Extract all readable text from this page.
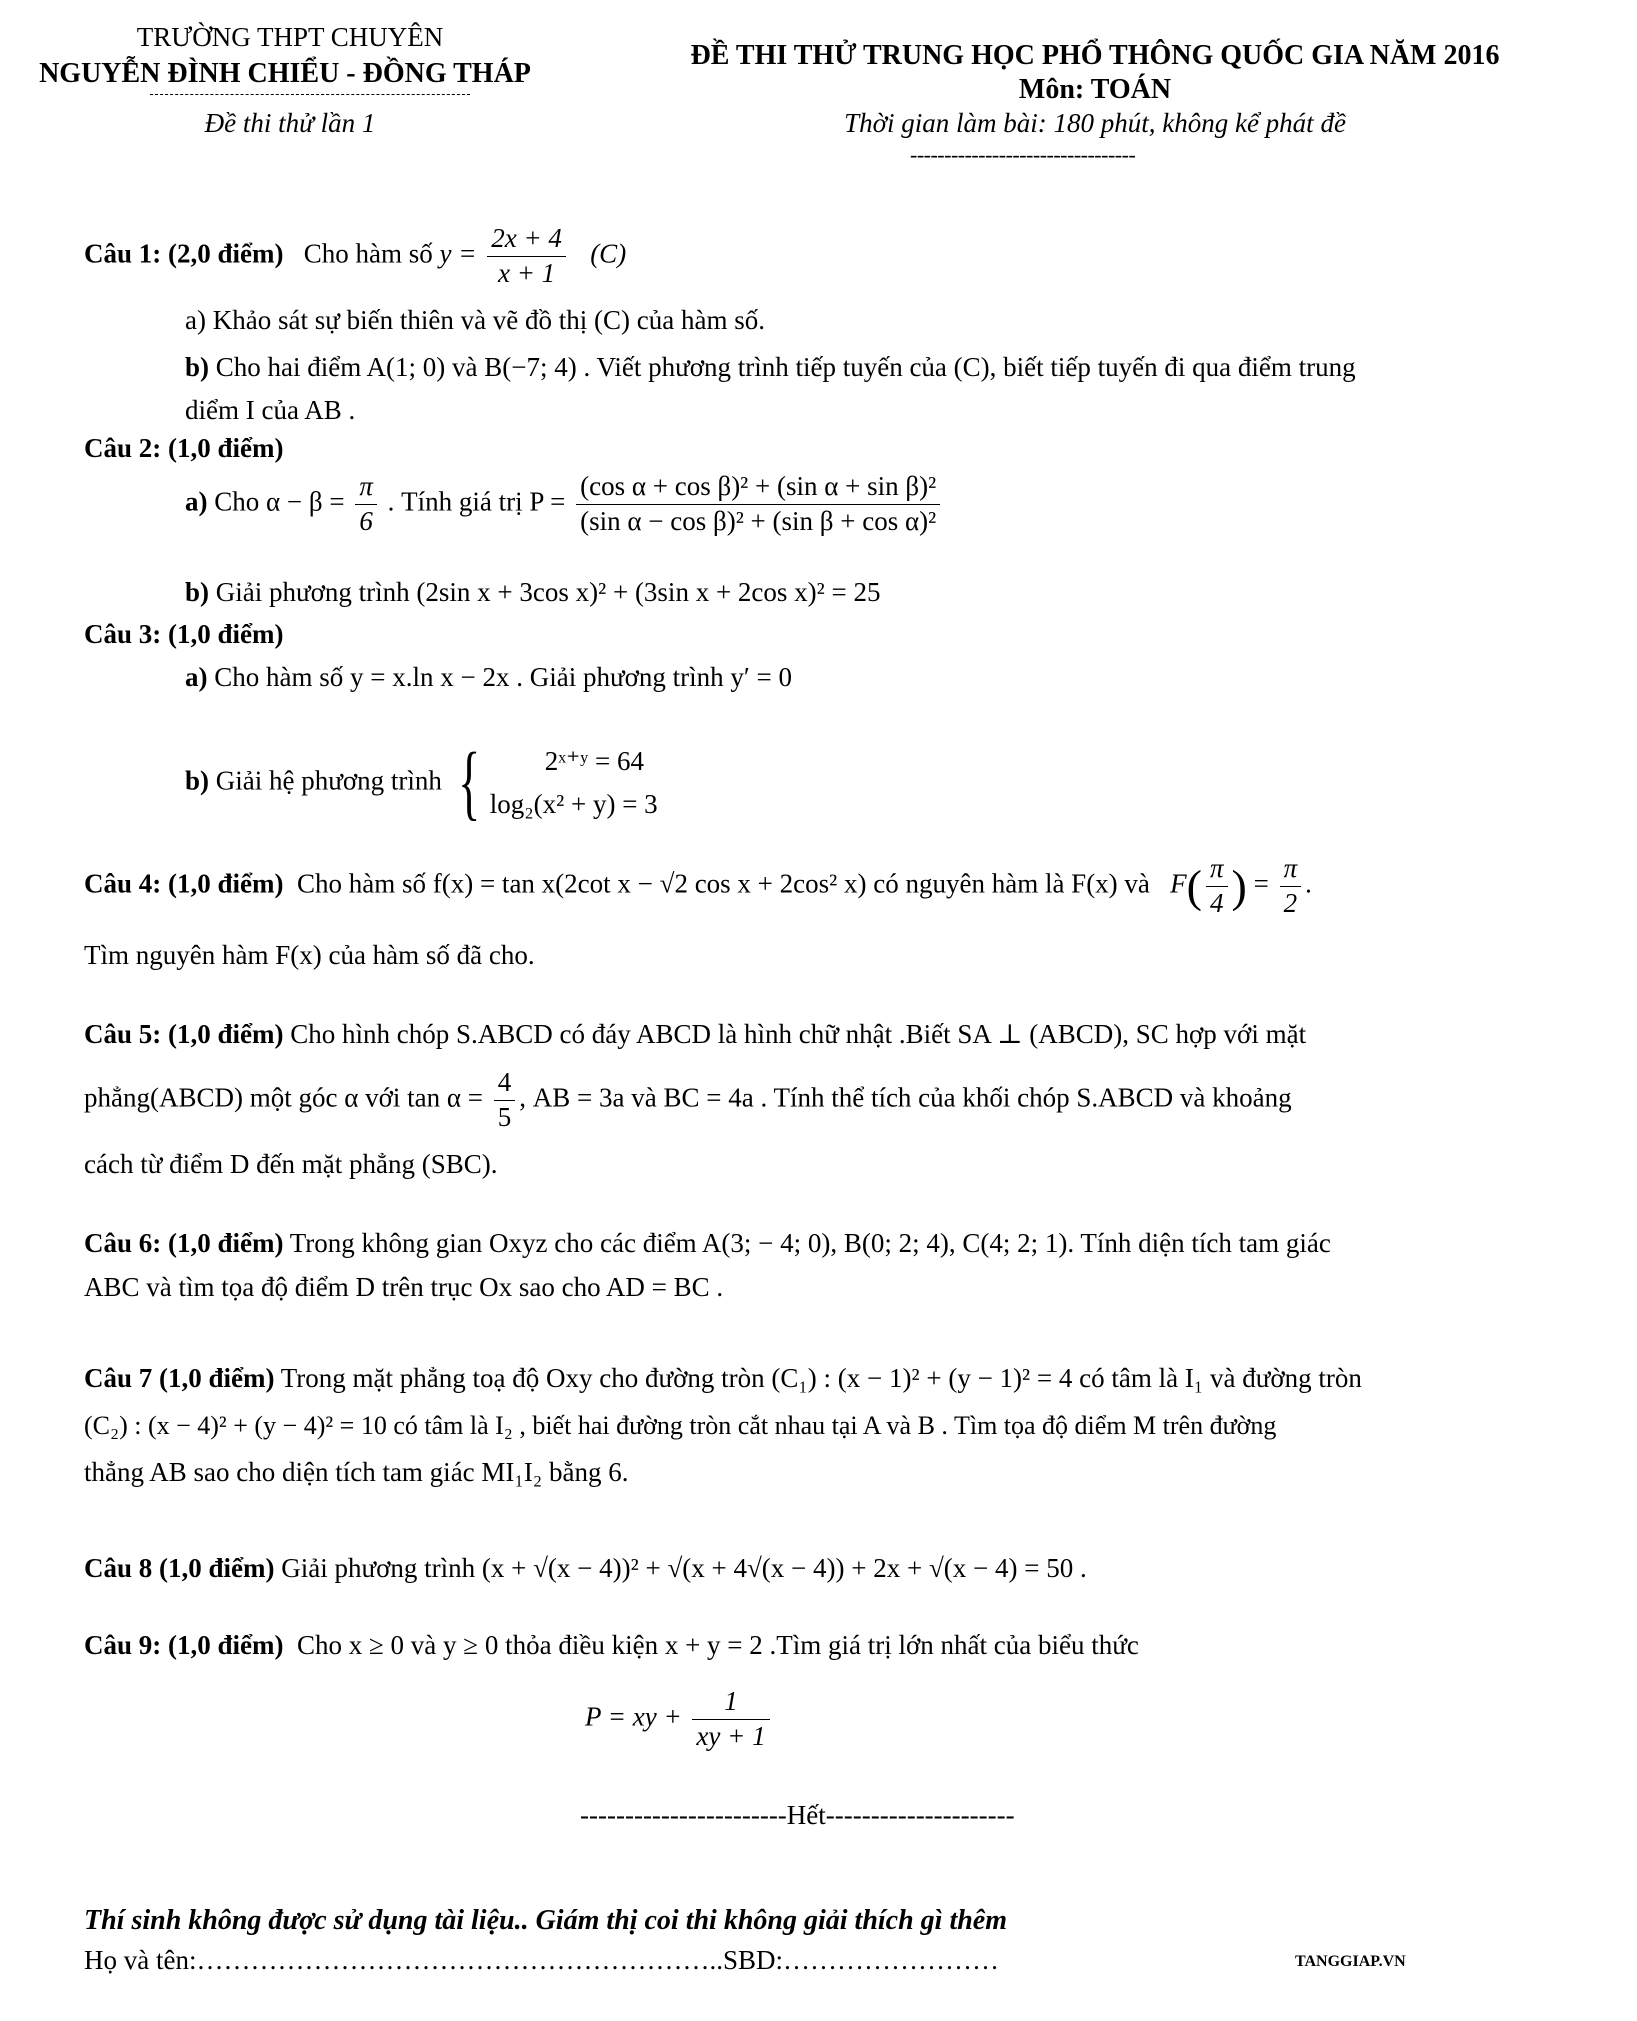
TRƯỜNG THPT CHUYÊN
NGUYỄN ĐÌNH CHIỂU - ĐỒNG THÁP
Đề thi thử lần 1
ĐỀ THI THỬ TRUNG HỌC PHỔ THÔNG QUỐC GIA NĂM 2016
Môn: TOÁN
Thời gian làm bài: 180 phút, không kể phát đề
---------------------------------
Câu 1: (2,0 điểm) Cho hàm số $y = \frac{2x + 4}{x + 1} (C)$
a) Khảo sát sự biến thiên và vẽ đồ thị (C) của hàm số.
b) Cho hai điểm A(1; 0) và B(−7; 4) . Viết phương trình tiếp tuyến của (C), biết tiếp tuyến đi qua điểm trung
diểm I của AB .
Câu 2: (1,0 điểm)
a) Cho $\alpha - \beta = \frac{\pi}{6}$ . Tính giá trị $P = \frac{\text{(cos α + cos β)² + (sin α + sin β)²}}{\text{(sin α − cos β)² + (sin β + cos α)²}}$
b) Giải phương trình (2sin x + 3cos x)² + (3sin x + 2cos x)² = 25
Câu 3: (1,0 điểm)
a) Cho hàm số y = x.ln x − 2x . Giải phương trình y′ = 0
b) Giải hệ phương trình {	2ˣ⁺ʸ = 64
log₂(x² + y) = 3
Câu 4: (1,0 điểm) Cho hàm số f(x) = tan x(2cot x − √2 cos x + 2cos² x) có nguyên hàm là F(x) và $F( \frac{\pi}{4}$ ) = $\frac{\pi}{2}$ .
Tìm nguyên hàm F(x) của hàm số đã cho.
Câu 5: (1,0 điểm) Cho hình chóp S.ABCD có đáy ABCD là hình chữ nhật .Biết SA ⊥ (ABCD), SC hợp với mặt
phẳng(ABCD) một góc α với $\tan \alpha = \frac{4}{5}$ , AB = 3a và BC = 4a . Tính thể tích của khối chóp S.ABCD và khoảng
cách từ điểm D đến mặt phẳng (SBC).
Câu 6: (1,0 điểm) Trong không gian Oxyz cho các điểm A(3; − 4; 0), B(0; 2; 4), C(4; 2; 1). Tính diện tích tam giác
ABC và tìm tọa độ điểm D trên trục Ox sao cho AD = BC .
Câu 7 (1,0 điểm) Trong mặt phẳng toạ độ Oxy cho đường tròn (C₁) : (x − 1)² + (y − 1)² = 4 có tâm là I₁ và đường tròn
(C₂) : (x − 4)² + (y − 4)² = 10 có tâm là I₂ , biết hai đường tròn cắt nhau tại A và B . Tìm tọa độ diểm M trên đường
thẳng AB sao cho diện tích tam giác MI₁I₂ bằng 6.
Câu 8 (1,0 điểm) Giải phương trình (x + √(x − 4))² + √(x + 4√(x − 4)) + 2x + √(x − 4) = 50 .
Câu 9: (1,0 điểm) Cho x ≥ 0 và y ≥ 0 thỏa điều kiện x + y = 2 .Tìm giá trị lớn nhất của biểu thức
P = xy + $\frac{1}{xy + 1}$
-----------------------Hết---------------------
Thí sinh không được sử dụng tài liệu.. Giám thị coi thi không giải thích gì thêm
Họ và tên:…………………………………………………..SBD:……………………	TANGGIAP.VN
